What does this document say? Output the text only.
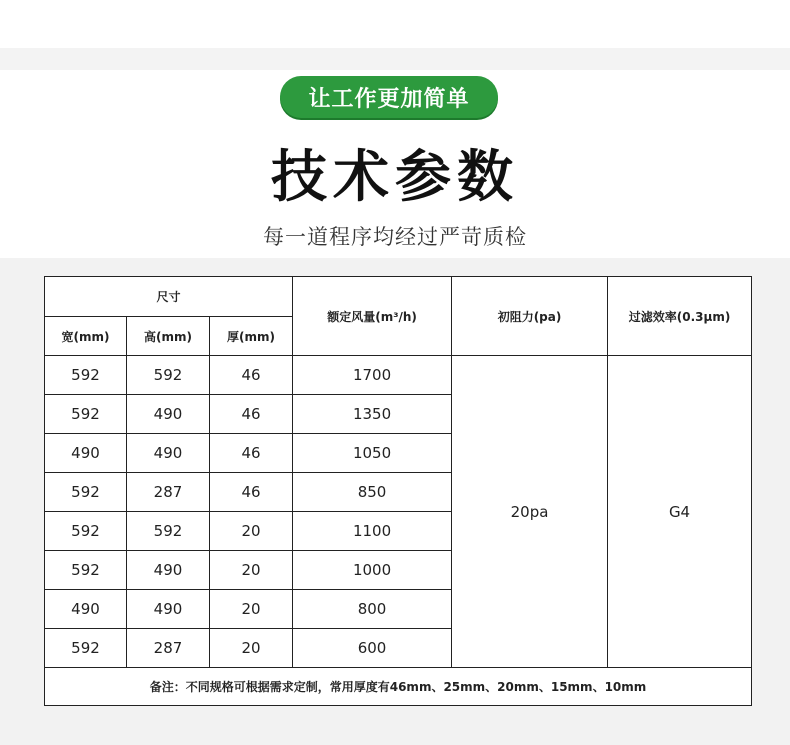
让工作更加简单
技术参数
每一道程序均经过严苛质检
尺寸			额定风量(m³/h)	初阻力(pa)	过滤效率(0.3μm)
宽(mm)	高(mm)	厚(mm)			
592	592	46	1700	20pa	G4
592	490	46	1350		
490	490	46	1050		
592	287	46	850		
592	592	20	1100		
592	490	20	1000		
490	490	20	800		
592	287	20	600		
备注：不同规格可根据需求定制，常用厚度有46mm、25mm、20mm、15mm、10mm					
